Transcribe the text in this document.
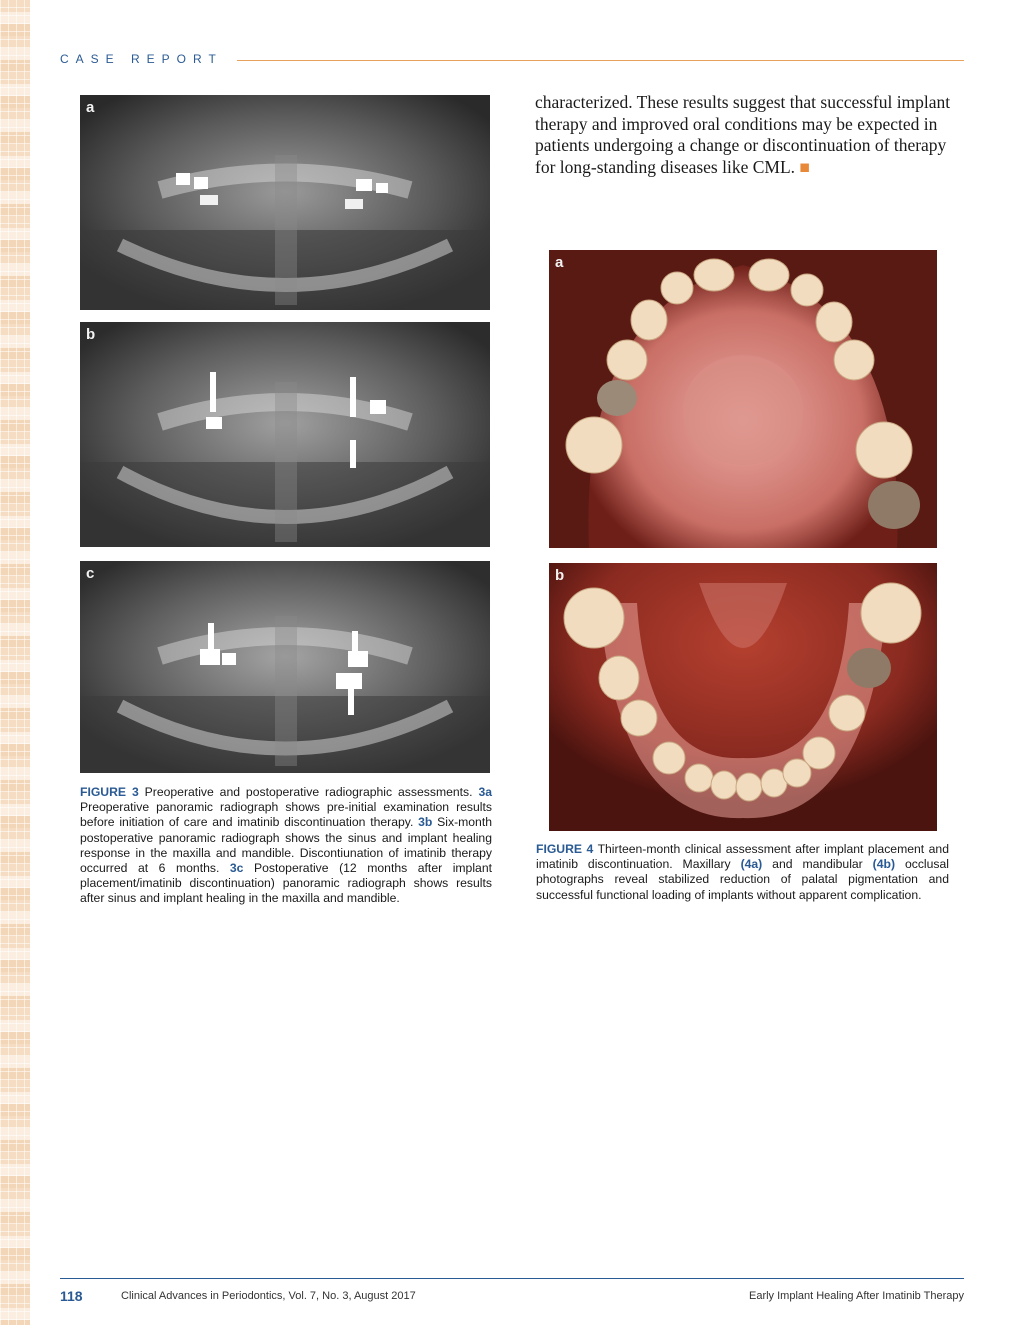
CASE REPORT
a
b
c

FIGURE 3 Preoperative and postoperative radiographic assessments. 3a Preoperative panoramic radiograph shows pre-initial examination results before initiation of care and imatinib discontinuation therapy. 3b Six-month postoperative panoramic radiograph shows the sinus and implant healing response in the maxilla and mandible. Discontiunation of imatinib therapy occurred at 6 months. 3c Postoperative (12 months after implant placement/imatinib discontinuation) panoramic radiograph shows results after sinus and implant healing in the maxilla and mandible.

characterized. These results suggest that successful implant therapy and improved oral conditions may be expected in patients undergoing a change or discontinuation of therapy for long-standing diseases like CML. ■

a
b

FIGURE 4 Thirteen-month clinical assessment after implant placement and imatinib discontinuation. Maxillary (4a) and mandibular (4b) occlusal photographs reveal stabilized reduction of palatal pigmentation and successful functional loading of implants without apparent complication.

118	Clinical Advances in Periodontics, Vol. 7, No. 3, August 2017	Early Implant Healing After Imatinib Therapy
